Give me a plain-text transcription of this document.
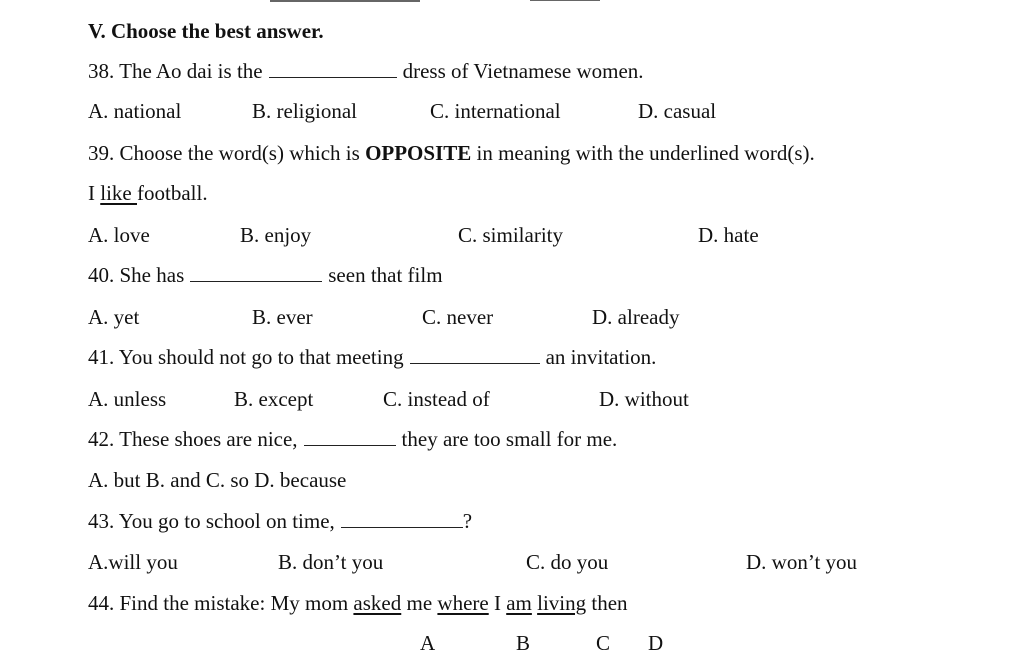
V. Choose the best answer.
38. The Ao dai is the	dress of Vietnamese women.
A. national	B. religional	C. international	D. casual
39. Choose the word(s) which is OPPOSITE in meaning with the underlined word(s).
I like football.
A. love	B. enjoy	C. similarity	D. hate
40. She has	seen that film
A. yet	B. ever	C. never	D. already
41. You should not go to that meeting	an invitation.
A. unless	B. except	C. instead of	D. without
42. These shoes are nice,	they are too small for me.
A. but B. and C. so D. because
43. You go to school on time,	?
A.will you	B. don’t you	C. do you	D. won’t you
44. Find the mistake: My mom asked me where I am living then
A	B	C D
